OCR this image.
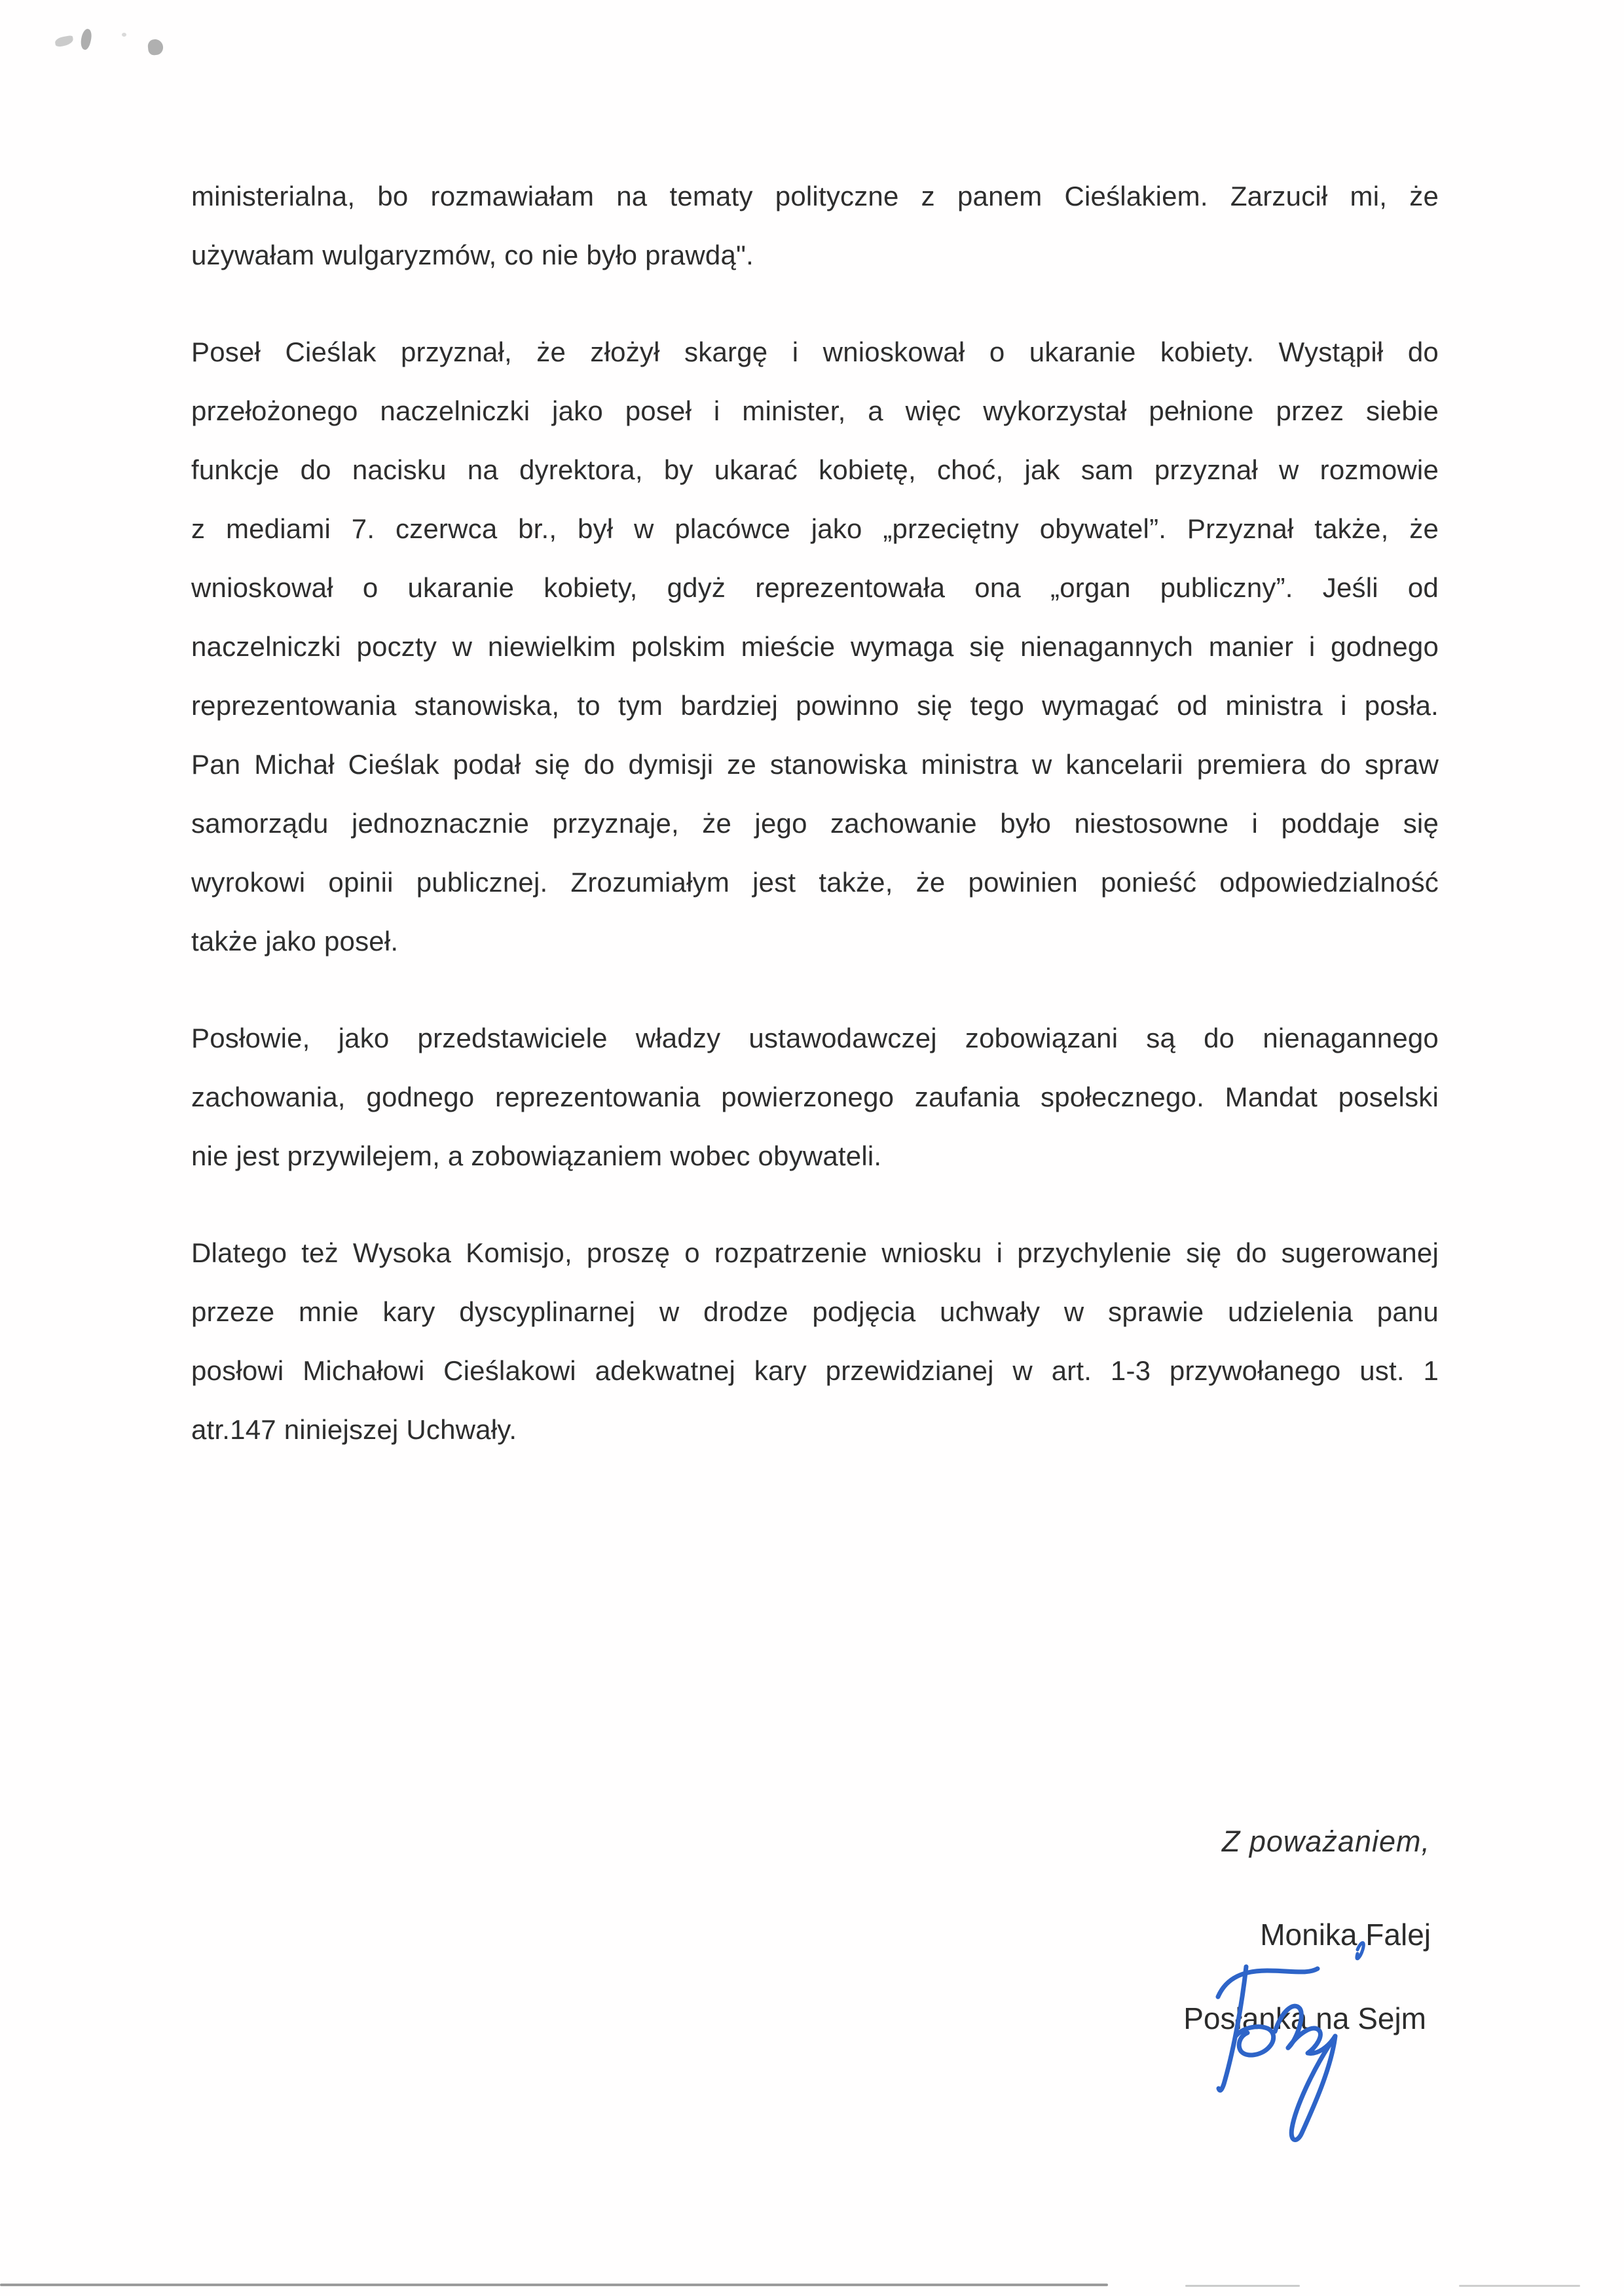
ministerialna, bo rozmawiałam na tematy polityczne z panem Cieślakiem. Zarzucił mi, że
używałam wulgaryzmów, co nie było prawdą".
Poseł Cieślak przyznał, że złożył skargę i wnioskował o ukaranie kobiety. Wystąpił do
przełożonego naczelniczki jako poseł i minister, a więc wykorzystał pełnione przez siebie
funkcje do nacisku na dyrektora, by ukarać kobietę, choć, jak sam przyznał w rozmowie
z mediami 7. czerwca br., był w placówce jako „przeciętny obywatel”. Przyznał także, że
wnioskował o ukaranie kobiety, gdyż reprezentowała ona „organ publiczny”. Jeśli od
naczelniczki poczty w niewielkim polskim mieście wymaga się nienagannych manier i godnego
reprezentowania stanowiska, to tym bardziej powinno się tego wymagać od ministra i posła.
Pan Michał Cieślak podał się do dymisji ze stanowiska ministra w kancelarii premiera do spraw
samorządu jednoznacznie przyznaje, że jego zachowanie było niestosowne i poddaje się
wyrokowi opinii publicznej. Zrozumiałym jest także, że powinien ponieść odpowiedzialność
także jako poseł.
Posłowie, jako przedstawiciele władzy ustawodawczej zobowiązani są do nienagannego
zachowania, godnego reprezentowania powierzonego zaufania społecznego. Mandat poselski
nie jest przywilejem, a zobowiązaniem wobec obywateli.
Dlatego też Wysoka Komisjo, proszę o rozpatrzenie wniosku i przychylenie się do sugerowanej
przeze mnie kary dyscyplinarnej w drodze podjęcia uchwały w sprawie udzielenia panu
posłowi Michałowi Cieślakowi adekwatnej kary przewidzianej w art. 1-3 przywołanego ust. 1
atr.147 niniejszej Uchwały.
Z poważaniem,
Monika Falej
Posłanka na Sejm
